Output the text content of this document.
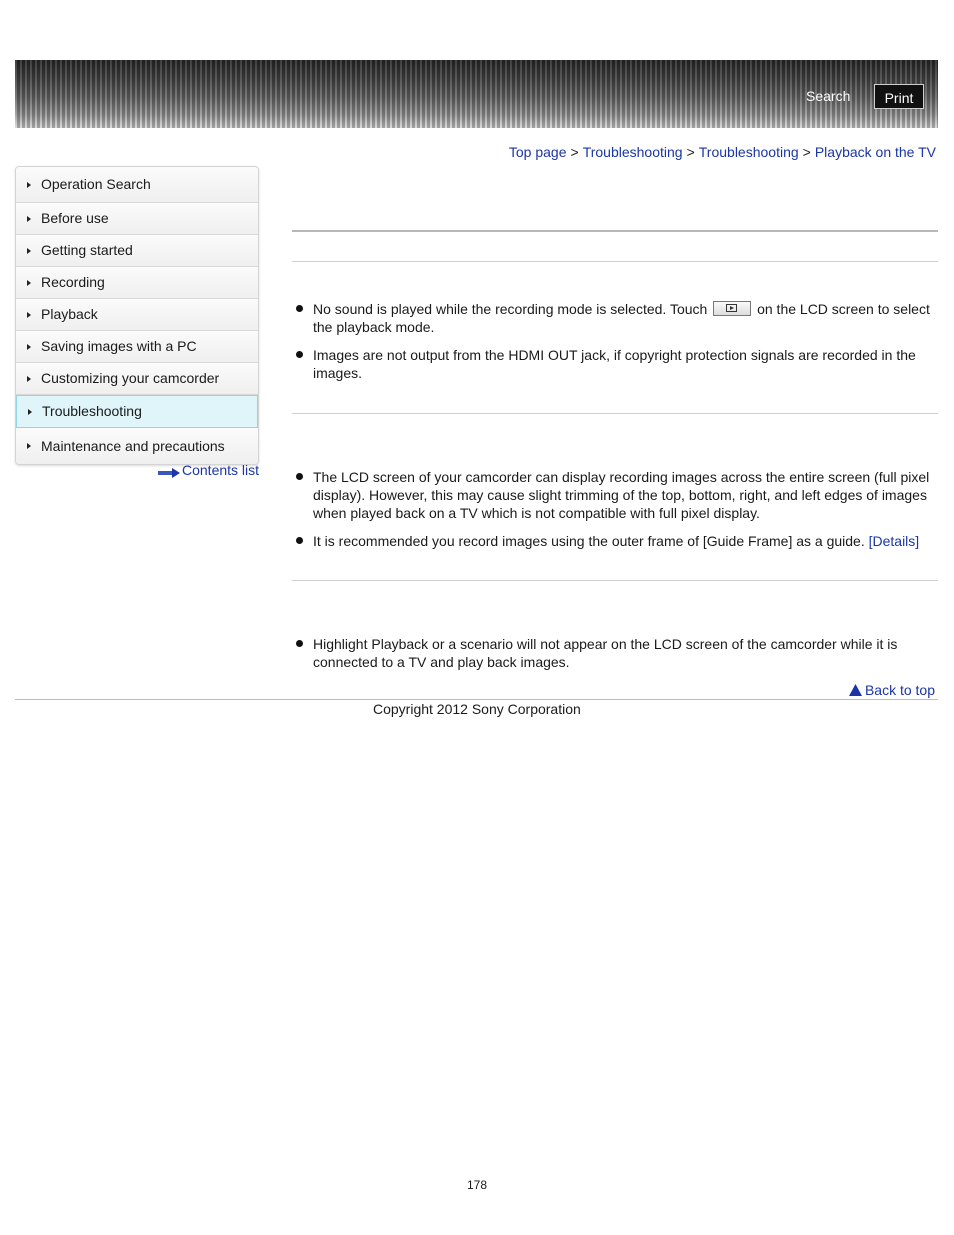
Search	Print
Top page > Troubleshooting > Troubleshooting > Playback on the TV
Operation Search
Before use
Getting started
Recording
Playback
Saving images with a PC
Customizing your camcorder
Troubleshooting
Maintenance and precautions
Contents list
No sound is played while the recording mode is selected. Touch	on the LCD screen to select the playback mode.
Images are not output from the HDMI OUT jack, if copyright protection signals are recorded in the images.
The LCD screen of your camcorder can display recording images across the entire screen (full pixel display). However, this may cause slight trimming of the top, bottom, right, and left edges of images when played back on a TV which is not compatible with full pixel display.
It is recommended you record images using the outer frame of [Guide Frame] as a guide. [Details]
Highlight Playback or a scenario will not appear on the LCD screen of the camcorder while it is connected to a TV and play back images.
Back to top
Copyright 2012 Sony Corporation
178
